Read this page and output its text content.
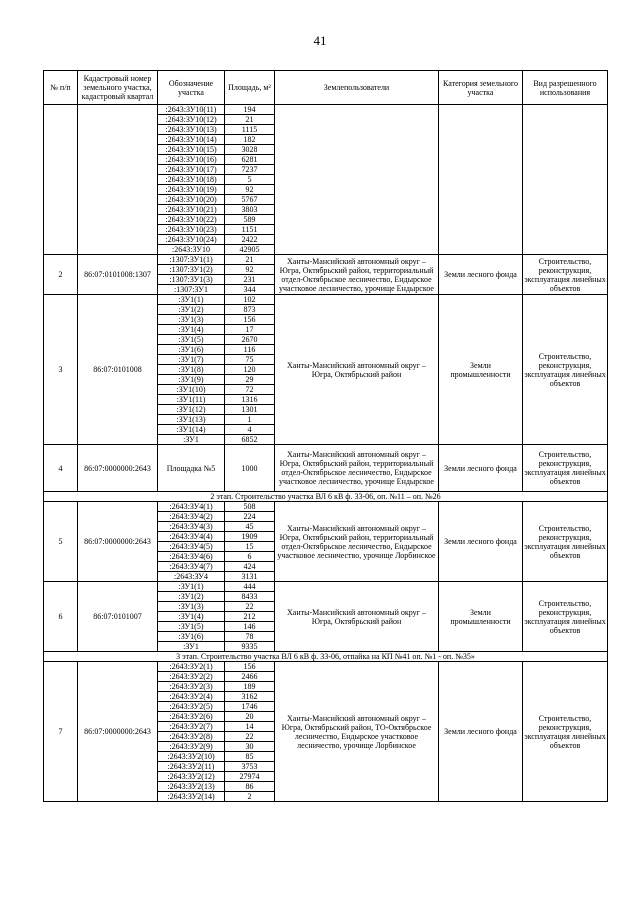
41
№ п/п	Кадастровый номер земельного участка, кадастровый квартал	Обозначение участка	Площадь, м²	Землепользователи	Категория земельного участка	Вид разрешенного использования
		:2643:ЗУ10(11)	194			
		:2643:ЗУ10(12)	21			
		:2643:ЗУ10(13)	1115			
		:2643:ЗУ10(14)	182			
		:2643:ЗУ10(15)	3028			
		:2643:ЗУ10(16)	6281			
		:2643:ЗУ10(17)	7237			
		:2643:ЗУ10(18)	5			
		:2643:ЗУ10(19)	92			
		:2643:ЗУ10(20)	5767			
		:2643:ЗУ10(21)	3803			
		:2643:ЗУ10(22)	589			
		:2643:ЗУ10(23)	1151			
		:2643:ЗУ10(24)	2422			
		:2643:ЗУ10	42905			
2	86:07:0101008:1307	:1307:ЗУ1(1)	21	Ханты-Мансийский автономный округ – Югра, Октябрьский район, территориальный отдел-Октябрьское лесничество, Ендырское участковое лесничество, урочище Ендырское	Земли лесного фонда	Строительство, реконструкция, эксплуатация линейных объектов
		:1307:ЗУ1(2)	92			
		:1307:ЗУ1(3)	231			
		:1307:ЗУ1	344			
3	86:07:0101008	:ЗУ1(1)	102	Ханты-Мансийский автономный округ – Югра, Октябрьский район	Земли промышленности	Строительство, реконструкция, эксплуатация линейных объектов
		:ЗУ1(2)	873			
		:ЗУ1(3)	156			
		:ЗУ1(4)	17			
		:ЗУ1(5)	2670			
		:ЗУ1(6)	116			
		:ЗУ1(7)	75			
		:ЗУ1(8)	120			
		:ЗУ1(9)	29			
		:ЗУ1(10)	72			
		:ЗУ1(11)	1316			
		:ЗУ1(12)	1301			
		:ЗУ1(13)	1			
		:ЗУ1(14)	4			
		:ЗУ1	6852			
4	86:07:0000000:2643	Площадка №5	1000	Ханты-Мансийский автономный округ – Югра, Октябрьский район, территориальный отдел-Октябрьское лесничество, Ендырское участковое лесничество, урочище Ендырское	Земли лесного фонда	Строительство, реконструкция, эксплуатация линейных объектов
2 этап. Строительство участка ВЛ 6 кВ ф. 33-06, оп. №11 – оп. №26						
5	86:07:0000000:2643	:2643:ЗУ4(1)	508	Ханты-Мансийский автономный округ – Югра, Октябрьский район, территориальный отдел-Октябрьское лесничество, Ендырское участковое лесничество, урочище Лорбинское	Земли лесного фонда	Строительство, реконструкция, эксплуатация линейных объектов
		:2643:ЗУ4(2)	224			
		:2643:ЗУ4(3)	45			
		:2643:ЗУ4(4)	1909			
		:2643:ЗУ4(5)	15			
		:2643:ЗУ4(6)	6			
		:2643:ЗУ4(7)	424			
		:2643:ЗУ4	3131			
6	86:07:0101007	:ЗУ1(1)	444	Ханты-Мансийский автономный округ – Югра, Октябрьский район	Земли промышленности	Строительство, реконструкция, эксплуатация линейных объектов
		:ЗУ1(2)	8433			
		:ЗУ1(3)	22			
		:ЗУ1(4)	212			
		:ЗУ1(5)	146			
		:ЗУ1(6)	78			
		:ЗУ1	9335			
3 этап. Строительство участка ВЛ 6 кВ ф. 33-06, отпайка на КП №41 оп. №1 - оп. №35»						
7	86:07:0000000:2643	:2643:ЗУ2(1)	156	Ханты-Мансийский автономный округ – Югра, Октябрьский район, ТО-Октябрьское лесничество, Ендырское участковое лесничество, урочище Лорбинское	Земли лесного фонда	Строительство, реконструкция, эксплуатация линейных объектов
		:2643:ЗУ2(2)	2466			
		:2643:ЗУ2(3)	189			
		:2643:ЗУ2(4)	3162			
		:2643:ЗУ2(5)	1746			
		:2643:ЗУ2(6)	20			
		:2643:ЗУ2(7)	14			
		:2643:ЗУ2(8)	22			
		:2643:ЗУ2(9)	30			
		:2643:ЗУ2(10)	85			
		:2643:ЗУ2(11)	3753			
		:2643:ЗУ2(12)	27974			
		:2643:ЗУ2(13)	86			
		:2643:ЗУ2(14)	2			
